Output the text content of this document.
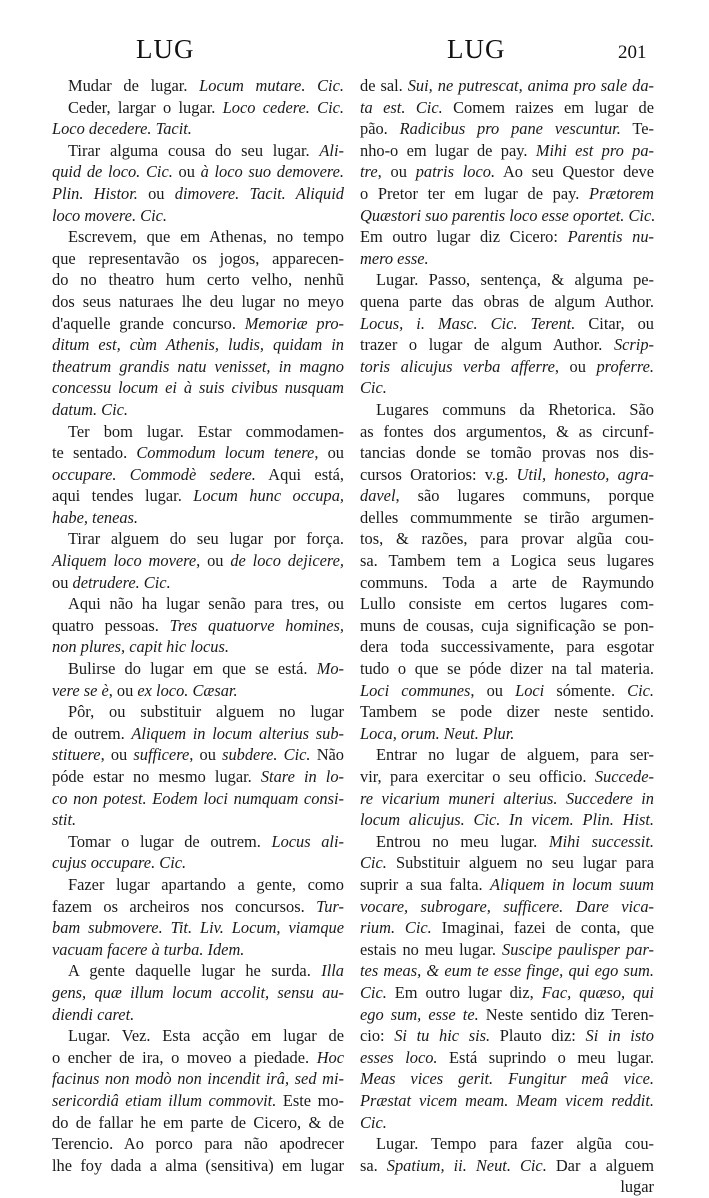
LUG	LUG	201
Mudar de lugar. Locum mutare. Cic.
Ceder, largar o lugar. Loco cedere. Cic.
Loco decedere. Tacit.
Tirar alguma cousa do seu lugar. Ali-
quid de loco. Cic. ou à loco suo demovere.
Plin. Histor. ou dimovere. Tacit. Aliquid
loco movere. Cic.
Escrevem, que em Athenas, no tempo
que representavão os jogos, apparecen-
do no theatro hum certo velho, nenhũ
dos seus naturaes lhe deu lugar no meyo
d'aquelle grande concurso. Memoriæ pro-
ditum est, cùm Athenis, ludis, quidam in
theatrum grandis natu venisset, in magno
concessu locum ei à suis civibus nusquam
datum. Cic.
Ter bom lugar. Estar commodamen-
te sentado. Commodum locum tenere, ou
occupare. Commodè sedere. Aqui está,
aqui tendes lugar. Locum hunc occupa,
habe, teneas.
Tirar alguem do seu lugar por força.
Aliquem loco movere, ou de loco dejicere,
ou detrudere. Cic.
Aqui não ha lugar senão para tres, ou
quatro pessoas. Tres quatuorve homines,
non plures, capit hic locus.
Bulirse do lugar em que se está. Mo-
vere se è, ou ex loco. Cæsar.
Pôr, ou substituir alguem no lugar
de outrem. Aliquem in locum alterius sub-
stituere, ou sufficere, ou subdere. Cic. Não
póde estar no mesmo lugar. Stare in lo-
co non potest. Eodem loci numquam consi-
stit.
Tomar o lugar de outrem. Locus ali-
cujus occupare. Cic.
Fazer lugar apartando a gente, como
fazem os archeiros nos concursos. Tur-
bam submovere. Tit. Liv. Locum, viamque
vacuam facere à turba. Idem.
A gente daquelle lugar he surda. Illa
gens, quæ illum locum accolit, sensu au-
diendi caret.
Lugar. Vez. Esta acção em lugar de
o encher de ira, o moveo a piedade. Hoc
facinus non modò non incendit irâ, sed mi-
sericordiâ etiam illum commovit. Este mo-
do de fallar he em parte de Cicero, & de
Terencio. Ao porco para não apodrecer
lhe foy dada a alma (sensitiva) em lugar
de sal. Sui, ne putrescat, anima pro sale da-
ta est. Cic. Comem raizes em lugar de
pão. Radicibus pro pane vescuntur. Te-
nho-o em lugar de pay. Mihi est pro pa-
tre, ou patris loco. Ao seu Questor deve
o Pretor ter em lugar de pay. Prætorem
Quæstori suo parentis loco esse oportet. Cic.
Em outro lugar diz Cicero: Parentis nu-
mero esse.
Lugar. Passo, sentença, & alguma pe-
quena parte das obras de algum Author.
Locus, i. Masc. Cic. Terent. Citar, ou
trazer o lugar de algum Author. Scrip-
toris alicujus verba afferre, ou proferre.
Cic.
Lugares communs da Rhetorica. São
as fontes dos argumentos, & as circunf-
tancias donde se tomão provas nos dis-
cursos Oratorios: v.g. Util, honesto, agra-
davel, são lugares communs, porque
delles commummente se tirão argumen-
tos, & razões, para provar algũa cou-
sa. Tambem tem a Logica seus lugares
communs. Toda a arte de Raymundo
Lullo consiste em certos lugares com-
muns de cousas, cuja significação se pon-
dera toda successivamente, para esgotar
tudo o que se póde dizer na tal materia.
Loci communes, ou Loci sómente. Cic.
Tambem se pode dizer neste sentido.
Loca, orum. Neut. Plur.
Entrar no lugar de alguem, para ser-
vir, para exercitar o seu officio. Succede-
re vicarium muneri alterius. Succedere in
locum alicujus. Cic. In vicem. Plin. Hist.
Entrou no meu lugar. Mihi successit.
Cic. Substituir alguem no seu lugar para
suprir a sua falta. Aliquem in locum suum
vocare, subrogare, sufficere. Dare vica-
rium. Cic. Imaginai, fazei de conta, que
estais no meu lugar. Suscipe paulisper par-
tes meas, & eum te esse finge, qui ego sum.
Cic. Em outro lugar diz, Fac, quæso, qui
ego sum, esse te. Neste sentido diz Teren-
cio: Si tu hic sis. Plauto diz: Si in isto
esses loco. Está suprindo o meu lugar.
Meas vices gerit. Fungitur meâ vice.
Præstat vicem meam. Meam vicem reddit.
Cic.
Lugar. Tempo para fazer algũa cou-
sa. Spatium, ii. Neut. Cic. Dar a alguem
lugar
